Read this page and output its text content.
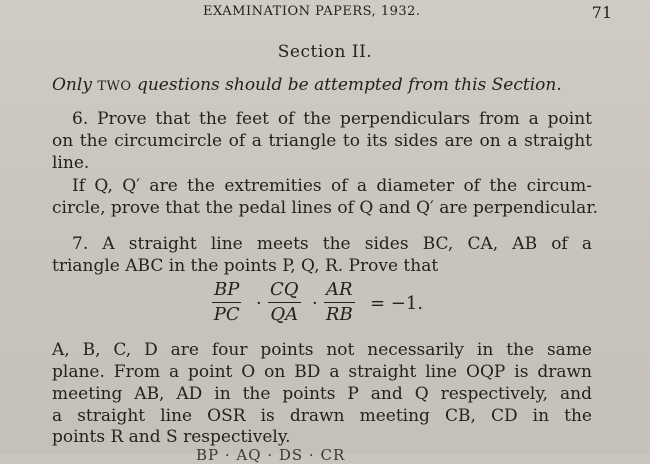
EXAMINATION PAPERS, 1932.	71
Section II.
Only TWO questions should be attempted from this Section.
6. Prove that the feet of the perpendiculars from a point
on the circumcircle of a triangle to its sides are on a straight
line.
If Q, Q′ are the extremities of a diameter of the circum-
circle, prove that the pedal lines of Q and Q′ are perpendicular.
7. A straight line meets the sides BC, CA, AB of a
triangle ABC in the points P, Q, R. Prove that
$\frac{BP}{PC} \cdot \frac{CQ}{QA} \cdot \frac{AR}{RB} = -1$.
A, B, C, D are four points not necessarily in the same
plane. From a point O on BD a straight line OQP is drawn
meeting AB, AD in the points P and Q respectively, and
a straight line OSR is drawn meeting CB, CD in the
points R and S respectively.
BP · AQ · DS · CR
